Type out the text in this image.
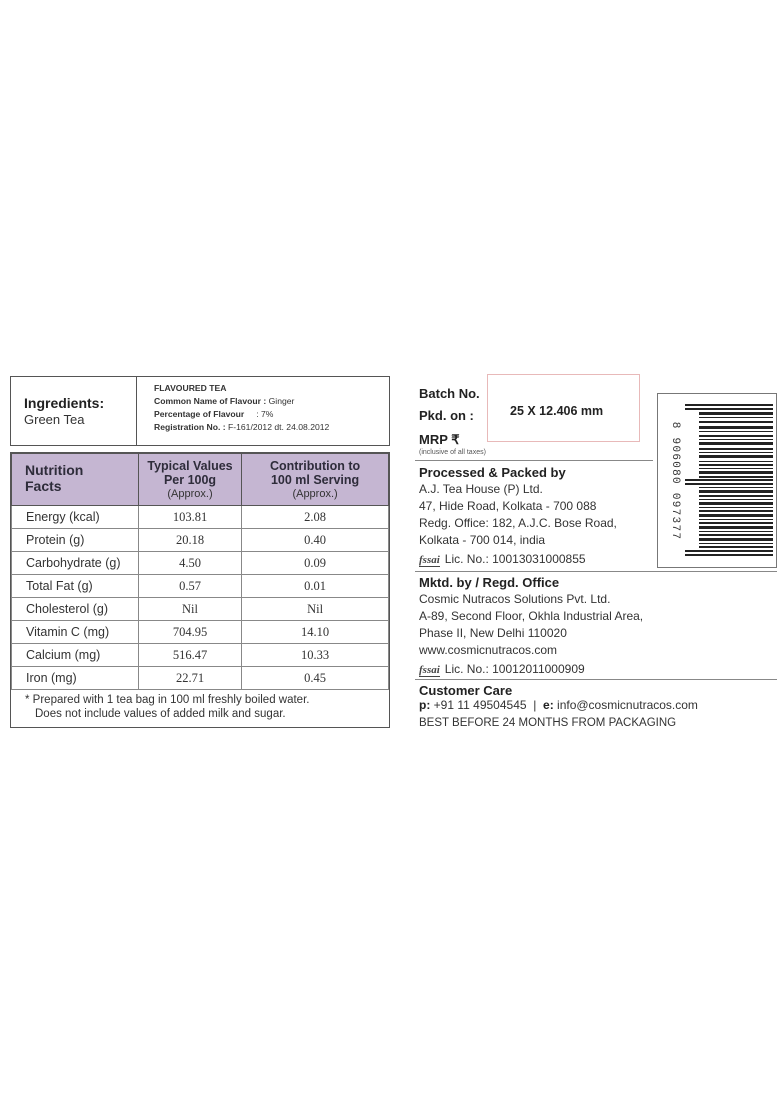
Ingredients:
Green Tea
FLAVOURED TEA
Common Name of Flavour : Ginger
Percentage of Flavour : 7%
Registration No. : F-161/2012 dt. 24.08.2012
Nutrition
Facts	Typical Values
Per 100g
(Approx.)	Contribution to
100 ml Serving
(Approx.)

Energy (kcal)	103.81	2.08
Protein (g)	20.18	0.40
Carbohydrate (g)	4.50	0.09
Total Fat (g)	0.57	0.01
Cholesterol (g)	Nil	Nil
Vitamin C (mg)	704.95	14.10
Calcium (mg)	516.47	10.33
Iron (mg)	22.71	0.45
* Prepared with 1 tea bag in 100 ml freshly boiled water.
Does not include values of added milk and sugar.
Batch No.
Pkd. on :	25 X 12.406 mm
MRP ₹
(inclusive of all taxes)	8 906080 097377
Processed & Packed by
A.J. Tea House (P) Ltd.
47, Hide Road, Kolkata - 700 088
Redg. Office: 182, A.J.C. Bose Road,
Kolkata - 700 014, india
fssai Lic. No.: 10013031000855
Mktd. by / Regd. Office
Cosmic Nutracos Solutions Pvt. Ltd.
A-89, Second Floor, Okhla Industrial Area,
Phase II, New Delhi 110020
www.cosmicnutracos.com
fssai Lic. No.: 10012011000909
Customer Care
p: +91 11 49504545 | e: info@cosmicnutracos.com
BEST BEFORE 24 MONTHS FROM PACKAGING
